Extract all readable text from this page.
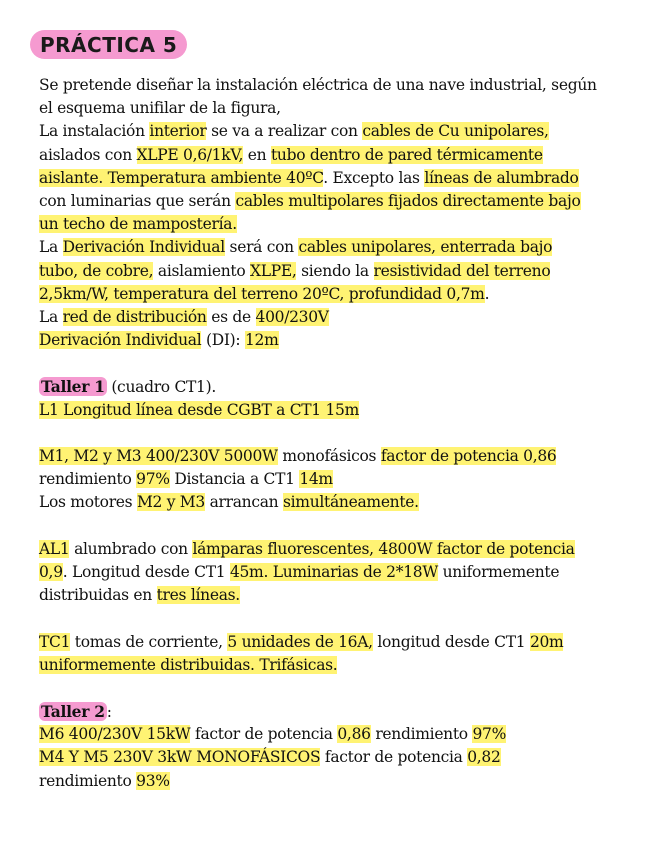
PRÁCTICA 5
Se pretende diseñar la instalación eléctrica de una nave industrial, según
el esquema unifilar de la figura,
La instalación interior se va a realizar con cables de Cu unipolares,
aislados con XLPE 0,6/1kV, en tubo dentro de pared térmicamente
aislante. Temperatura ambiente 40ºC. Excepto las líneas de alumbrado
con luminarias que serán cables multipolares fijados directamente bajo
un techo de mampostería.
La Derivación Individual será con cables unipolares, enterrada bajo
tubo, de cobre, aislamiento XLPE, siendo la resistividad del terreno
2,5km/W, temperatura del terreno 20ºC, profundidad 0,7m.
La red de distribución es de 400/230V
Derivación Individual (DI): 12m
Taller 1 (cuadro CT1).
L1 Longitud línea desde CGBT a CT1 15m
M1, M2 y M3 400/230V 5000W monofásicos factor de potencia 0,86
rendimiento 97% Distancia a CT1 14m
Los motores M2 y M3 arrancan simultáneamente.
AL1 alumbrado con lámparas fluorescentes, 4800W factor de potencia
0,9. Longitud desde CT1 45m. Luminarias de 2*18W uniformemente
distribuidas en tres líneas.
TC1 tomas de corriente, 5 unidades de 16A, longitud desde CT1 20m
uniformemente distribuidas. Trifásicas.
Taller 2 :
M6 400/230V 15kW factor de potencia 0,86 rendimiento 97%
M4 Y M5 230V 3kW MONOFÁSICOS factor de potencia 0,82
rendimiento 93%
